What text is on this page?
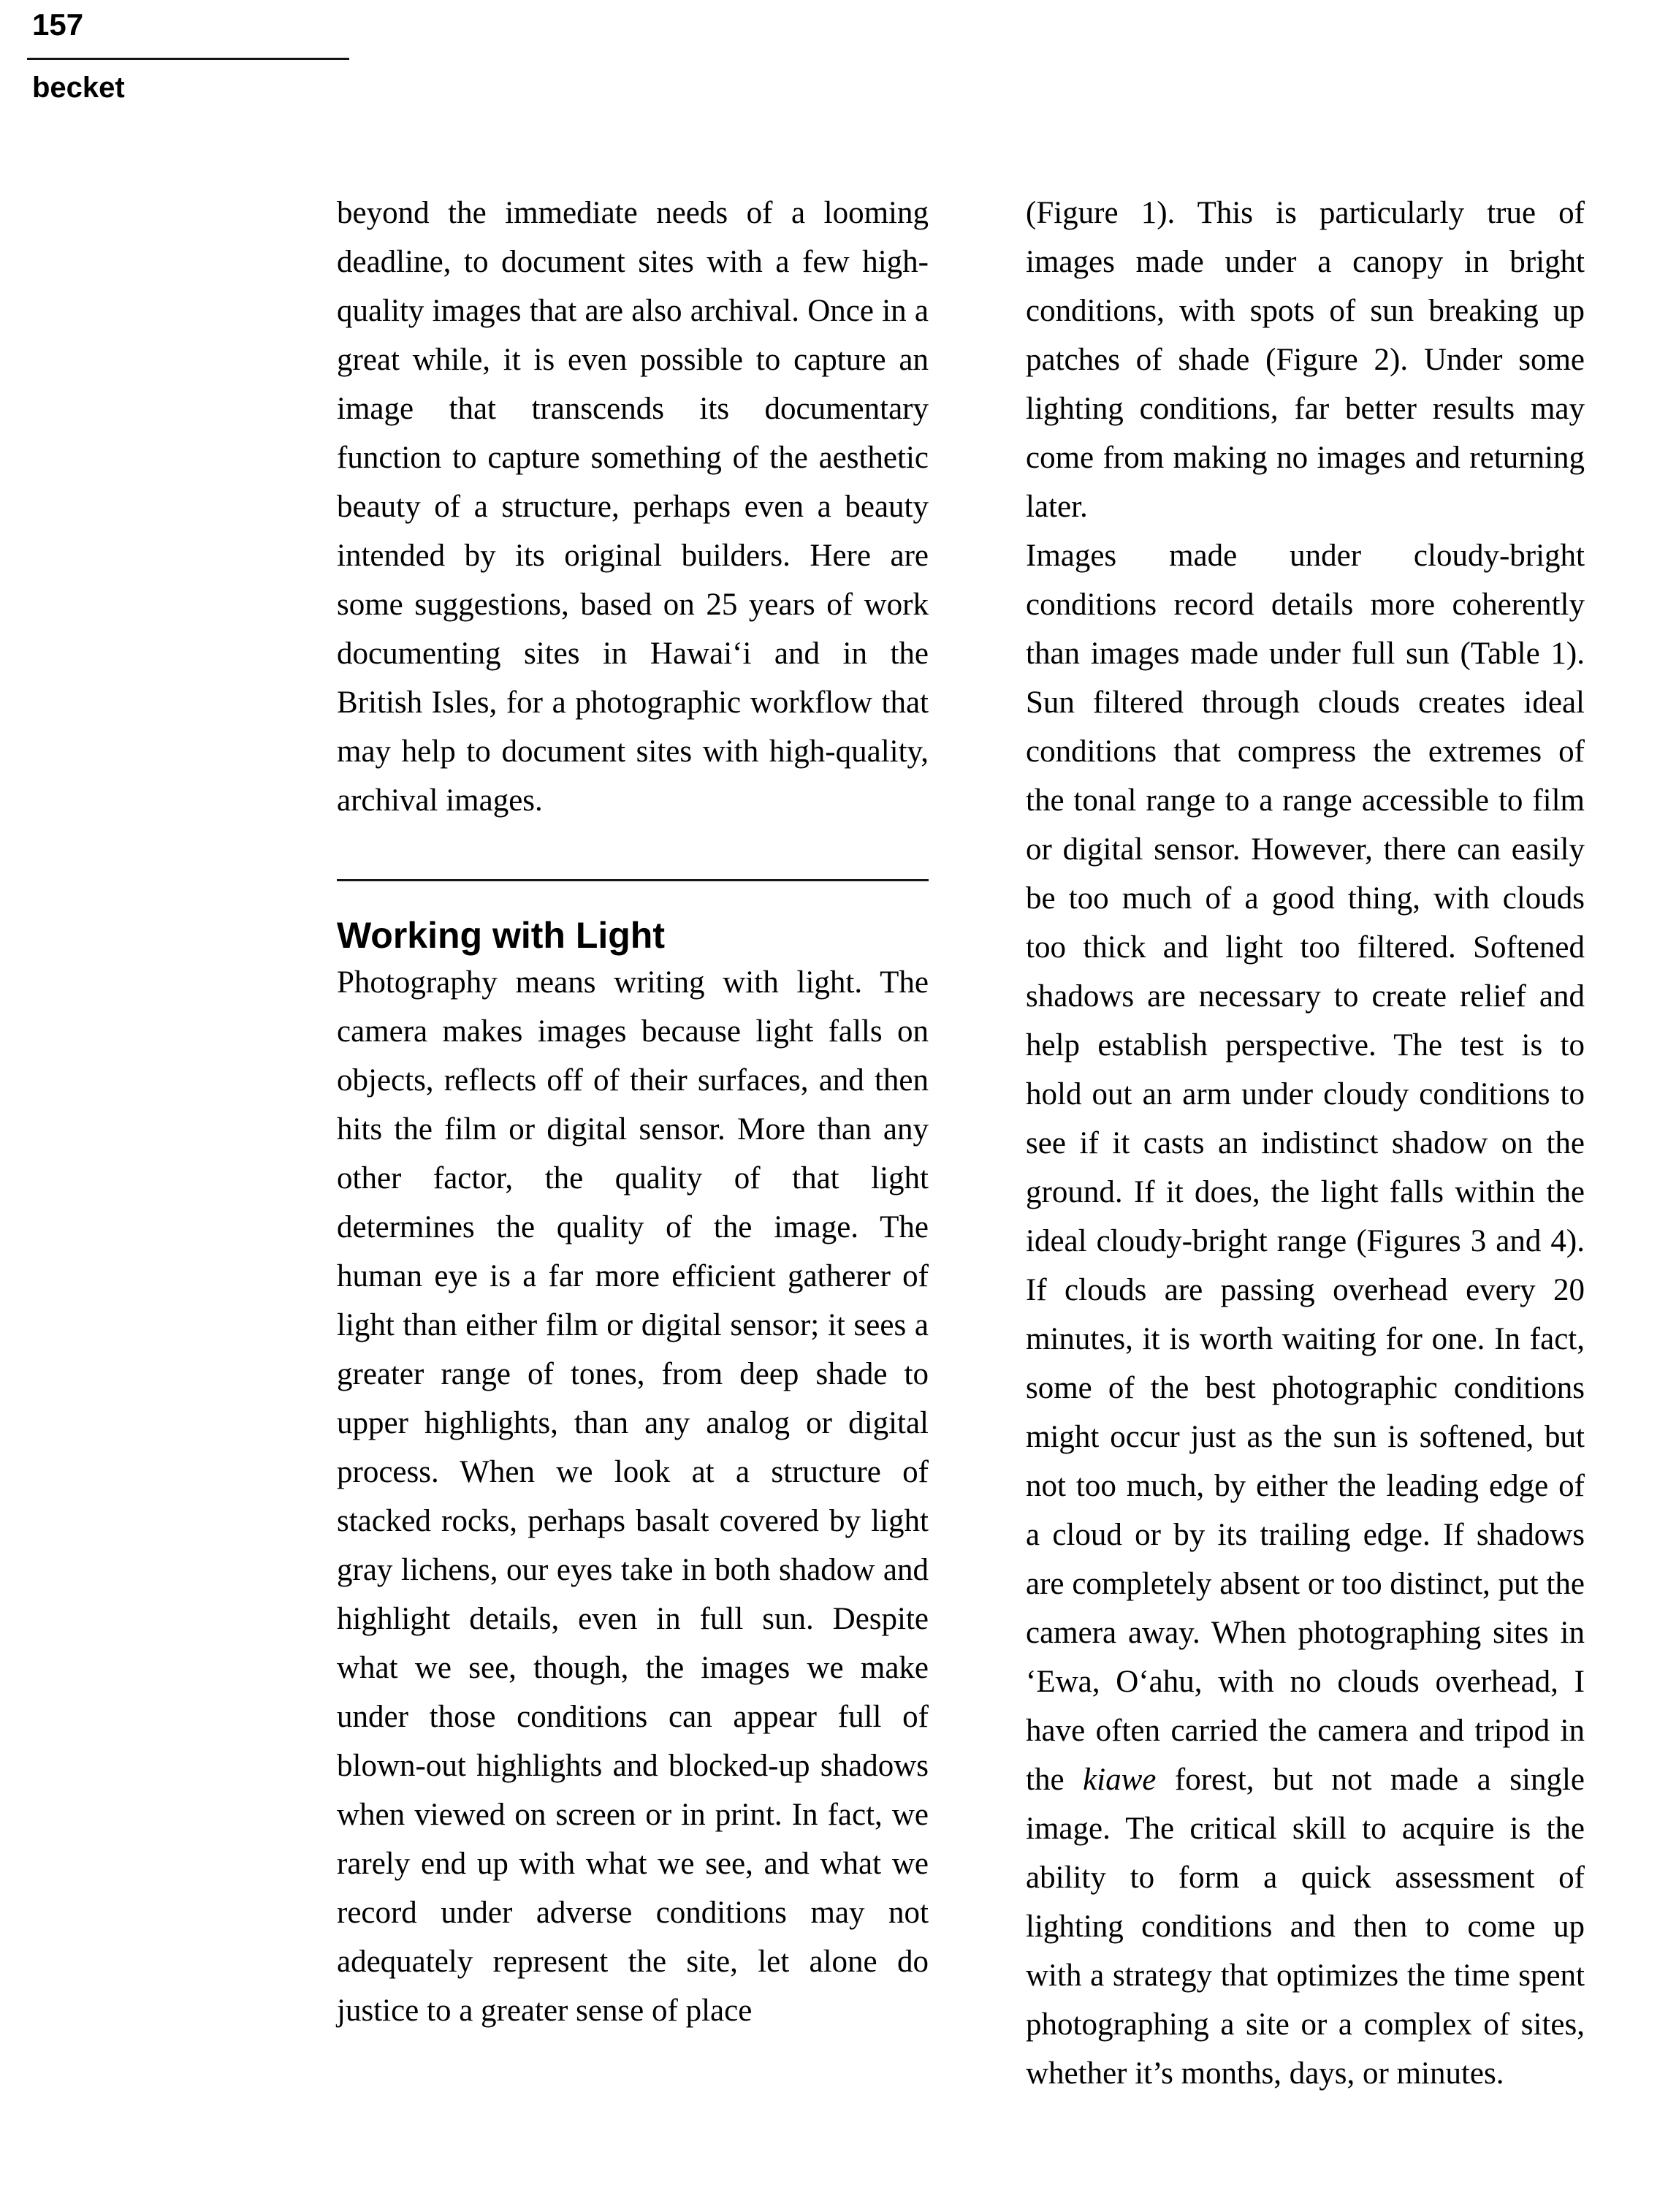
157
becket

beyond the immediate needs of a looming deadline, to document sites with a few high-quality images that are also archival. Once in a great while, it is even possible to capture an image that transcends its documentary function to capture something of the aesthetic beauty of a structure, perhaps even a beauty intended by its original builders. Here are some suggestions, based on 25 years of work documenting sites in Hawai‘i and in the British Isles, for a photographic workflow that may help to document sites with high-quality, archival images.

Working with Light

Photography means writing with light. The camera makes images because light falls on objects, reflects off of their surfaces, and then hits the film or digital sensor. More than any other factor, the quality of that light determines the quality of the image. The human eye is a far more efficient gatherer of light than either film or digital sensor; it sees a greater range of tones, from deep shade to upper highlights, than any analog or digital process. When we look at a structure of stacked rocks, perhaps basalt covered by light gray lichens, our eyes take in both shadow and highlight details, even in full sun. Despite what we see, though, the images we make under those conditions can appear full of blown-out highlights and blocked-up shadows when viewed on screen or in print. In fact, we rarely end up with what we see, and what we record under adverse conditions may not adequately represent the site, let alone do justice to a greater sense of place

(Figure 1). This is particularly true of images made under a canopy in bright conditions, with spots of sun breaking up patches of shade (Figure 2). Under some lighting conditions, far better results may come from making no images and returning later.

Images made under cloudy-bright conditions record details more coherently than images made under full sun (Table 1). Sun filtered through clouds creates ideal conditions that compress the extremes of the tonal range to a range accessible to film or digital sensor. However, there can easily be too much of a good thing, with clouds too thick and light too filtered. Softened shadows are necessary to create relief and help establish perspective. The test is to hold out an arm under cloudy conditions to see if it casts an indistinct shadow on the ground. If it does, the light falls within the ideal cloudy-bright range (Figures 3 and 4). If clouds are passing overhead every 20 minutes, it is worth waiting for one. In fact, some of the best photographic conditions might occur just as the sun is softened, but not too much, by either the leading edge of a cloud or by its trailing edge. If shadows are completely absent or too distinct, put the camera away. When photographing sites in ‘Ewa, O‘ahu, with no clouds overhead, I have often carried the camera and tripod in the kiawe forest, but not made a single image. The critical skill to acquire is the ability to form a quick assessment of lighting conditions and then to come up with a strategy that optimizes the time spent photographing a site or a complex of sites, whether it’s months, days, or minutes.
